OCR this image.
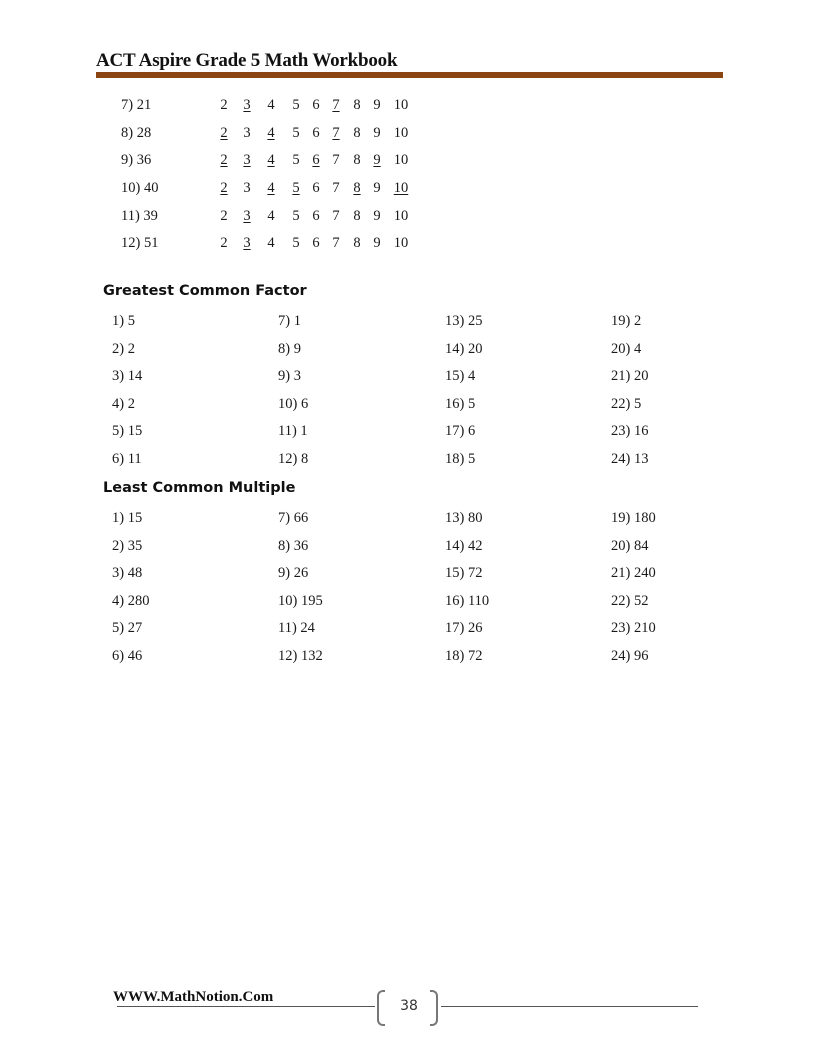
ACT Aspire Grade 5 Math Workbook
7) 21	2	3	4	5 6 7 8 9 10
8) 28	2	3	4	5 6 7 8 9 10
9) 36	2	3	4	5 6 7 8 9 10
10) 40	2	3	4	5 6 7 8 9 10
11) 39	2	3	4	5 6 7 8 9 10
12) 51	2	3	4	5 6 7 8 9 10
Greatest Common Factor
1) 5
2) 2
3) 14
4) 2
5) 15
6) 11
7) 1
8) 9
9) 3
10) 6
11) 1
12) 8
13) 25
14) 20
15) 4
16) 5
17) 6
18) 5
19) 2
20) 4
21) 20
22) 5
23) 16
24) 13
Least Common Multiple
1) 15
2) 35
3) 48
4) 280
5) 27
6) 46
7) 66
8) 36
9) 26
10) 195
11) 24
12) 132
13) 80
14) 42
15) 72
16) 110
17) 26
18) 72
19) 180
20) 84
21) 240
22) 52
23) 210
24) 96
WWW.MathNotion.Com
38
